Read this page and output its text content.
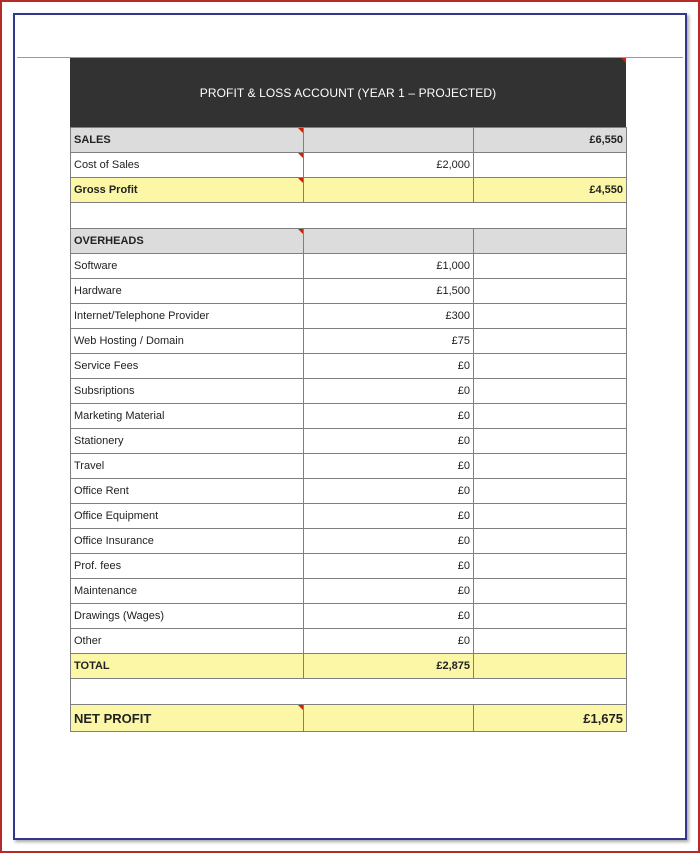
PROFIT & LOSS ACCOUNT (YEAR 1 – PROJECTED)
SALES		£6,550
Cost of Sales	£2,000	
Gross Profit		£4,550

OVERHEADS

Software	£1,000	
Hardware	£1,500	
Internet/Telephone Provider	£300	
Web Hosting / Domain	£75	
Service Fees	£0	
Subsriptions	£0	
Marketing Material	£0	
Stationery	£0	
Travel	£0	
Office Rent	£0	
Office Equipment	£0	
Office Insurance	£0	
Prof. fees	£0	
Maintenance	£0	
Drawings (Wages)	£0	
Other	£0	
TOTAL	£2,875	

NET PROFIT		£1,675
